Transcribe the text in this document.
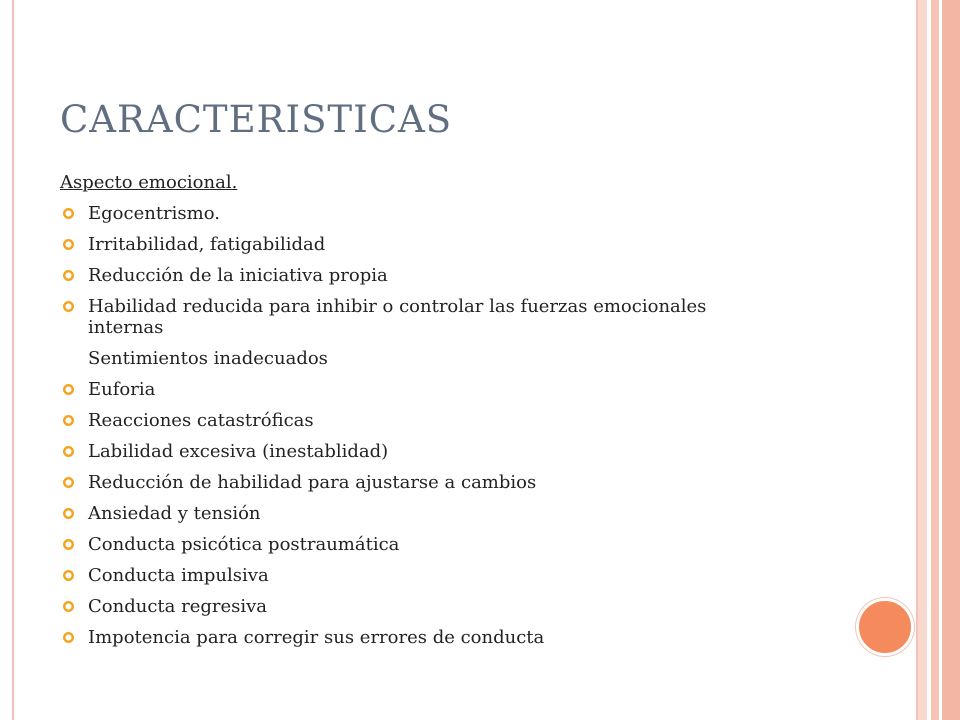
CARACTERISTICAS

Aspecto emocional.

Egocentrismo.
Irritabilidad, fatigabilidad
Reducción de la iniciativa propia
Habilidad reducida para inhibir o controlar las fuerzas emocionales internas
Sentimientos inadecuados
Euforia
Reacciones catastróficas
Labilidad excesiva (inestablidad)
Reducción de habilidad para ajustarse a cambios
Ansiedad y tensión
Conducta psicótica postraumática
Conducta impulsiva
Conducta regresiva
Impotencia para corregir sus errores de conducta
